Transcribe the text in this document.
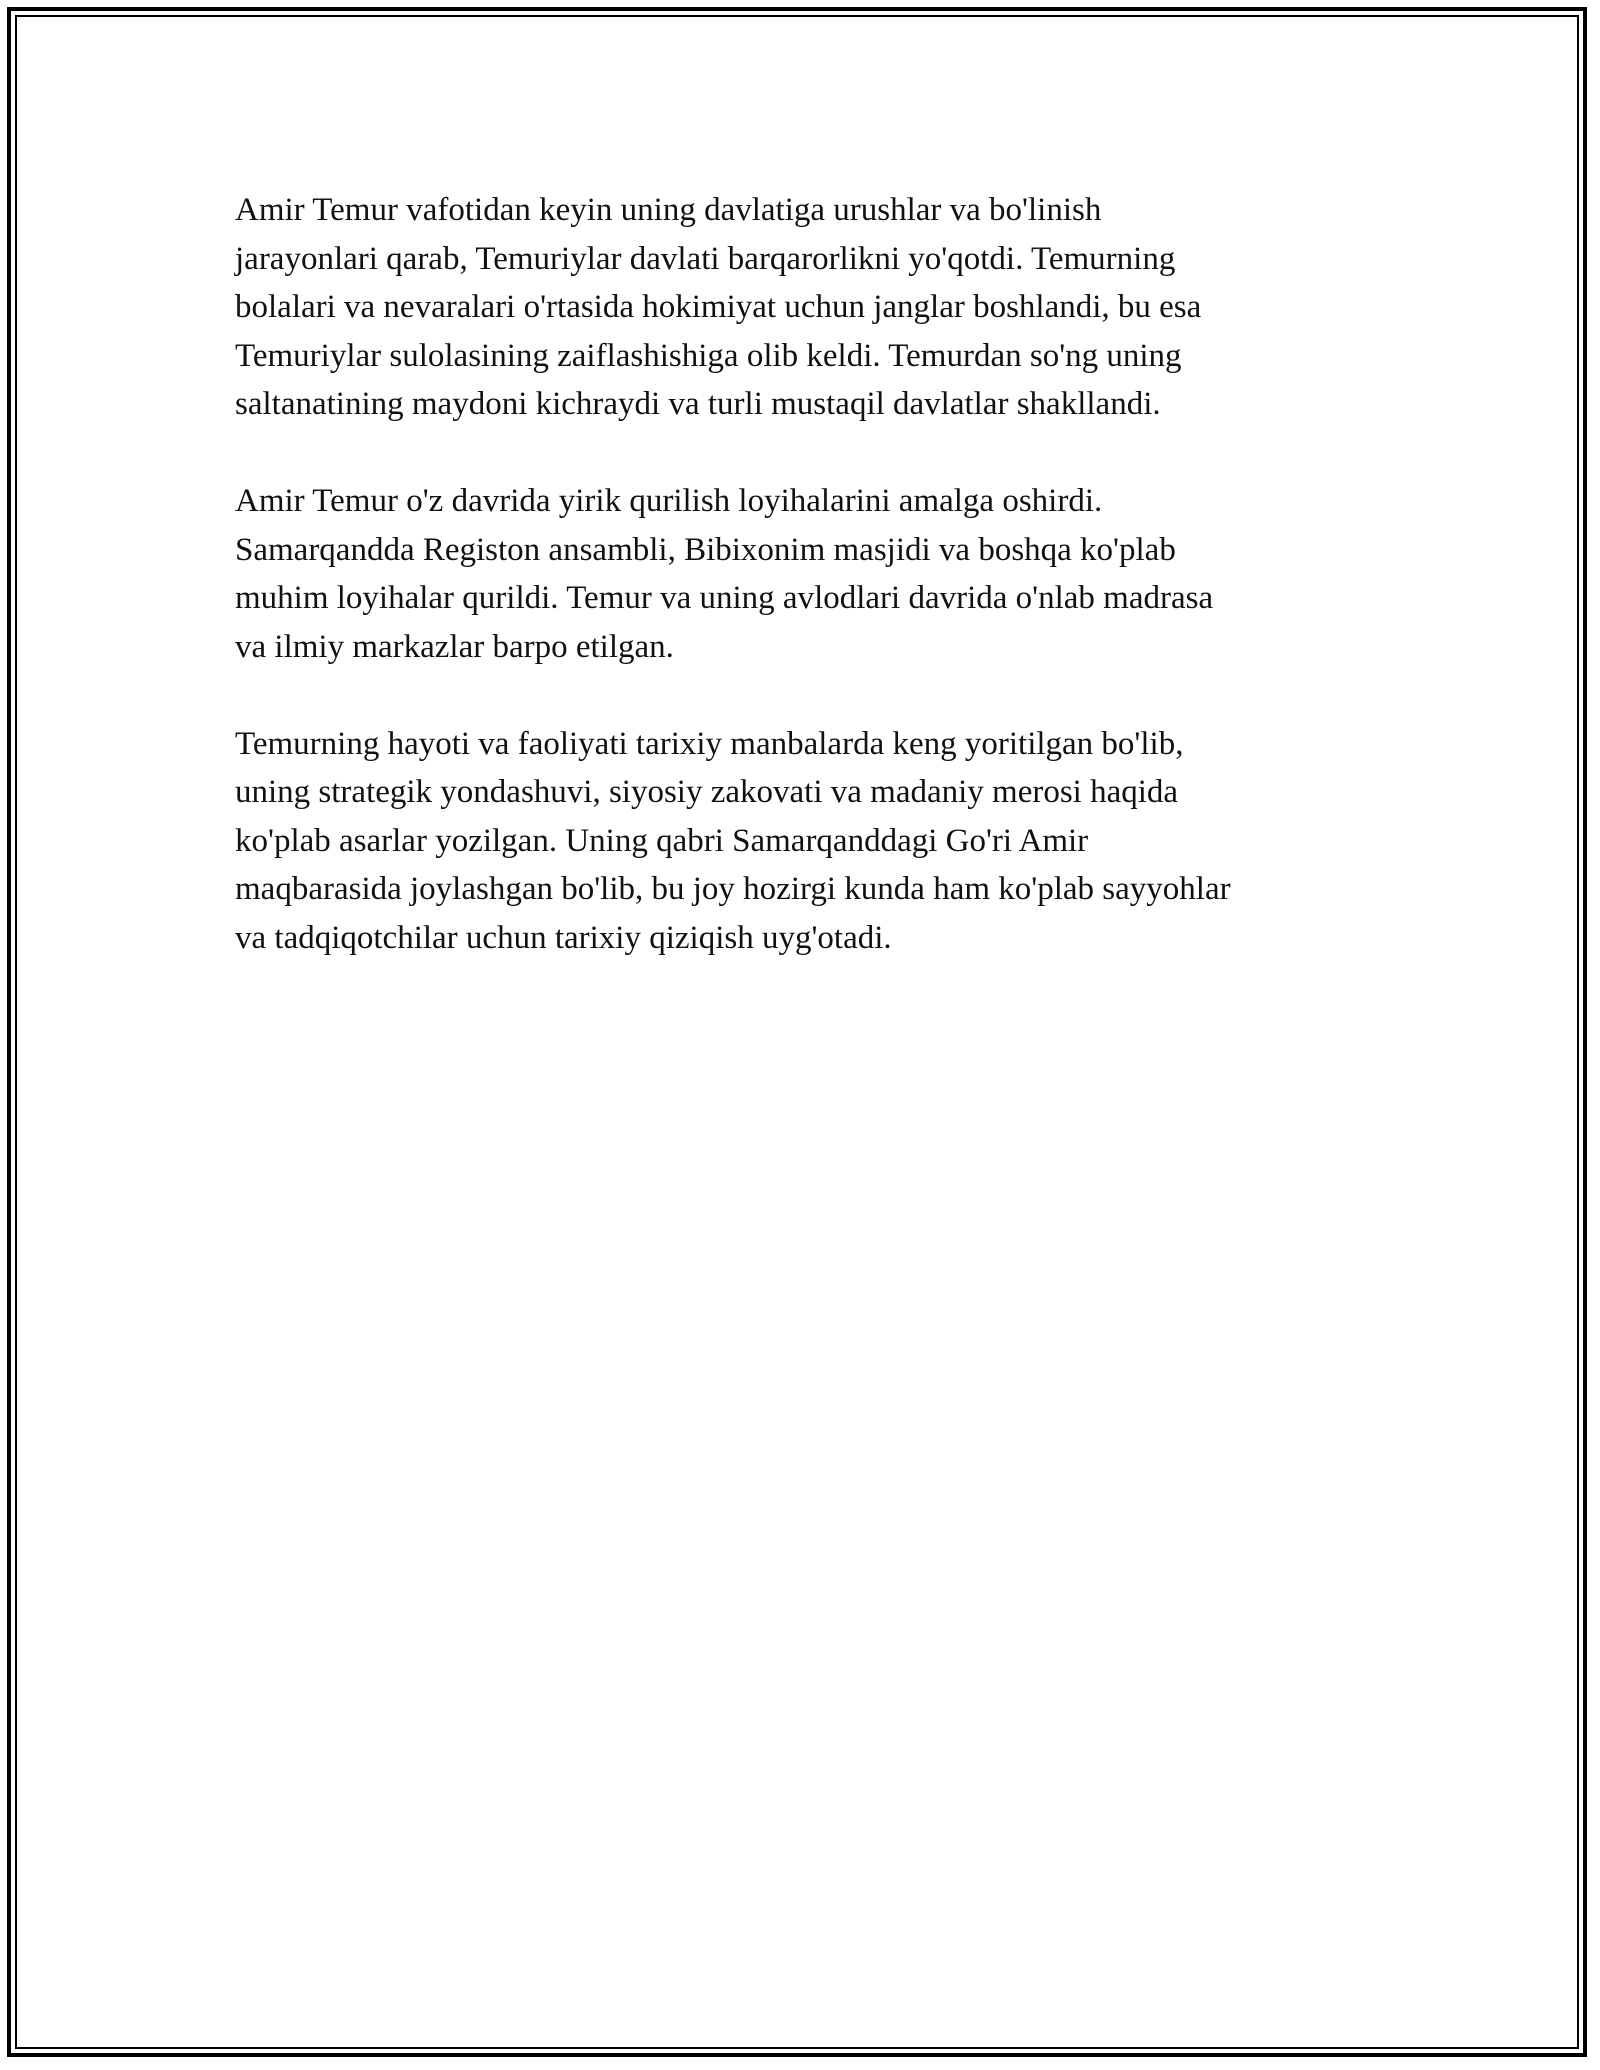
Amir Temur vafotidan keyin uning davlatiga urushlar va bo'linish
jarayonlari qarab, Temuriylar davlati barqarorlikni yo'qotdi. Temurning
bolalari va nevaralari o'rtasida hokimiyat uchun janglar boshlandi, bu esa
Temuriylar sulolasining zaiflashishiga olib keldi. Temurdan so'ng uning
saltanatining maydoni kichraydi va turli mustaqil davlatlar shakllandi.

Amir Temur o'z davrida yirik qurilish loyihalarini amalga oshirdi.
Samarqandda Registon ansambli, Bibixonim masjidi va boshqa ko'plab
muhim loyihalar qurildi. Temur va uning avlodlari davrida o'nlab madrasa
va ilmiy markazlar barpo etilgan.

Temurning hayoti va faoliyati tarixiy manbalarda keng yoritilgan bo'lib,
uning strategik yondashuvi, siyosiy zakovati va madaniy merosi haqida
ko'plab asarlar yozilgan. Uning qabri Samarqanddagi Go'ri Amir
maqbarasida joylashgan bo'lib, bu joy hozirgi kunda ham ko'plab sayyohlar
va tadqiqotchilar uchun tarixiy qiziqish uyg'otadi.
